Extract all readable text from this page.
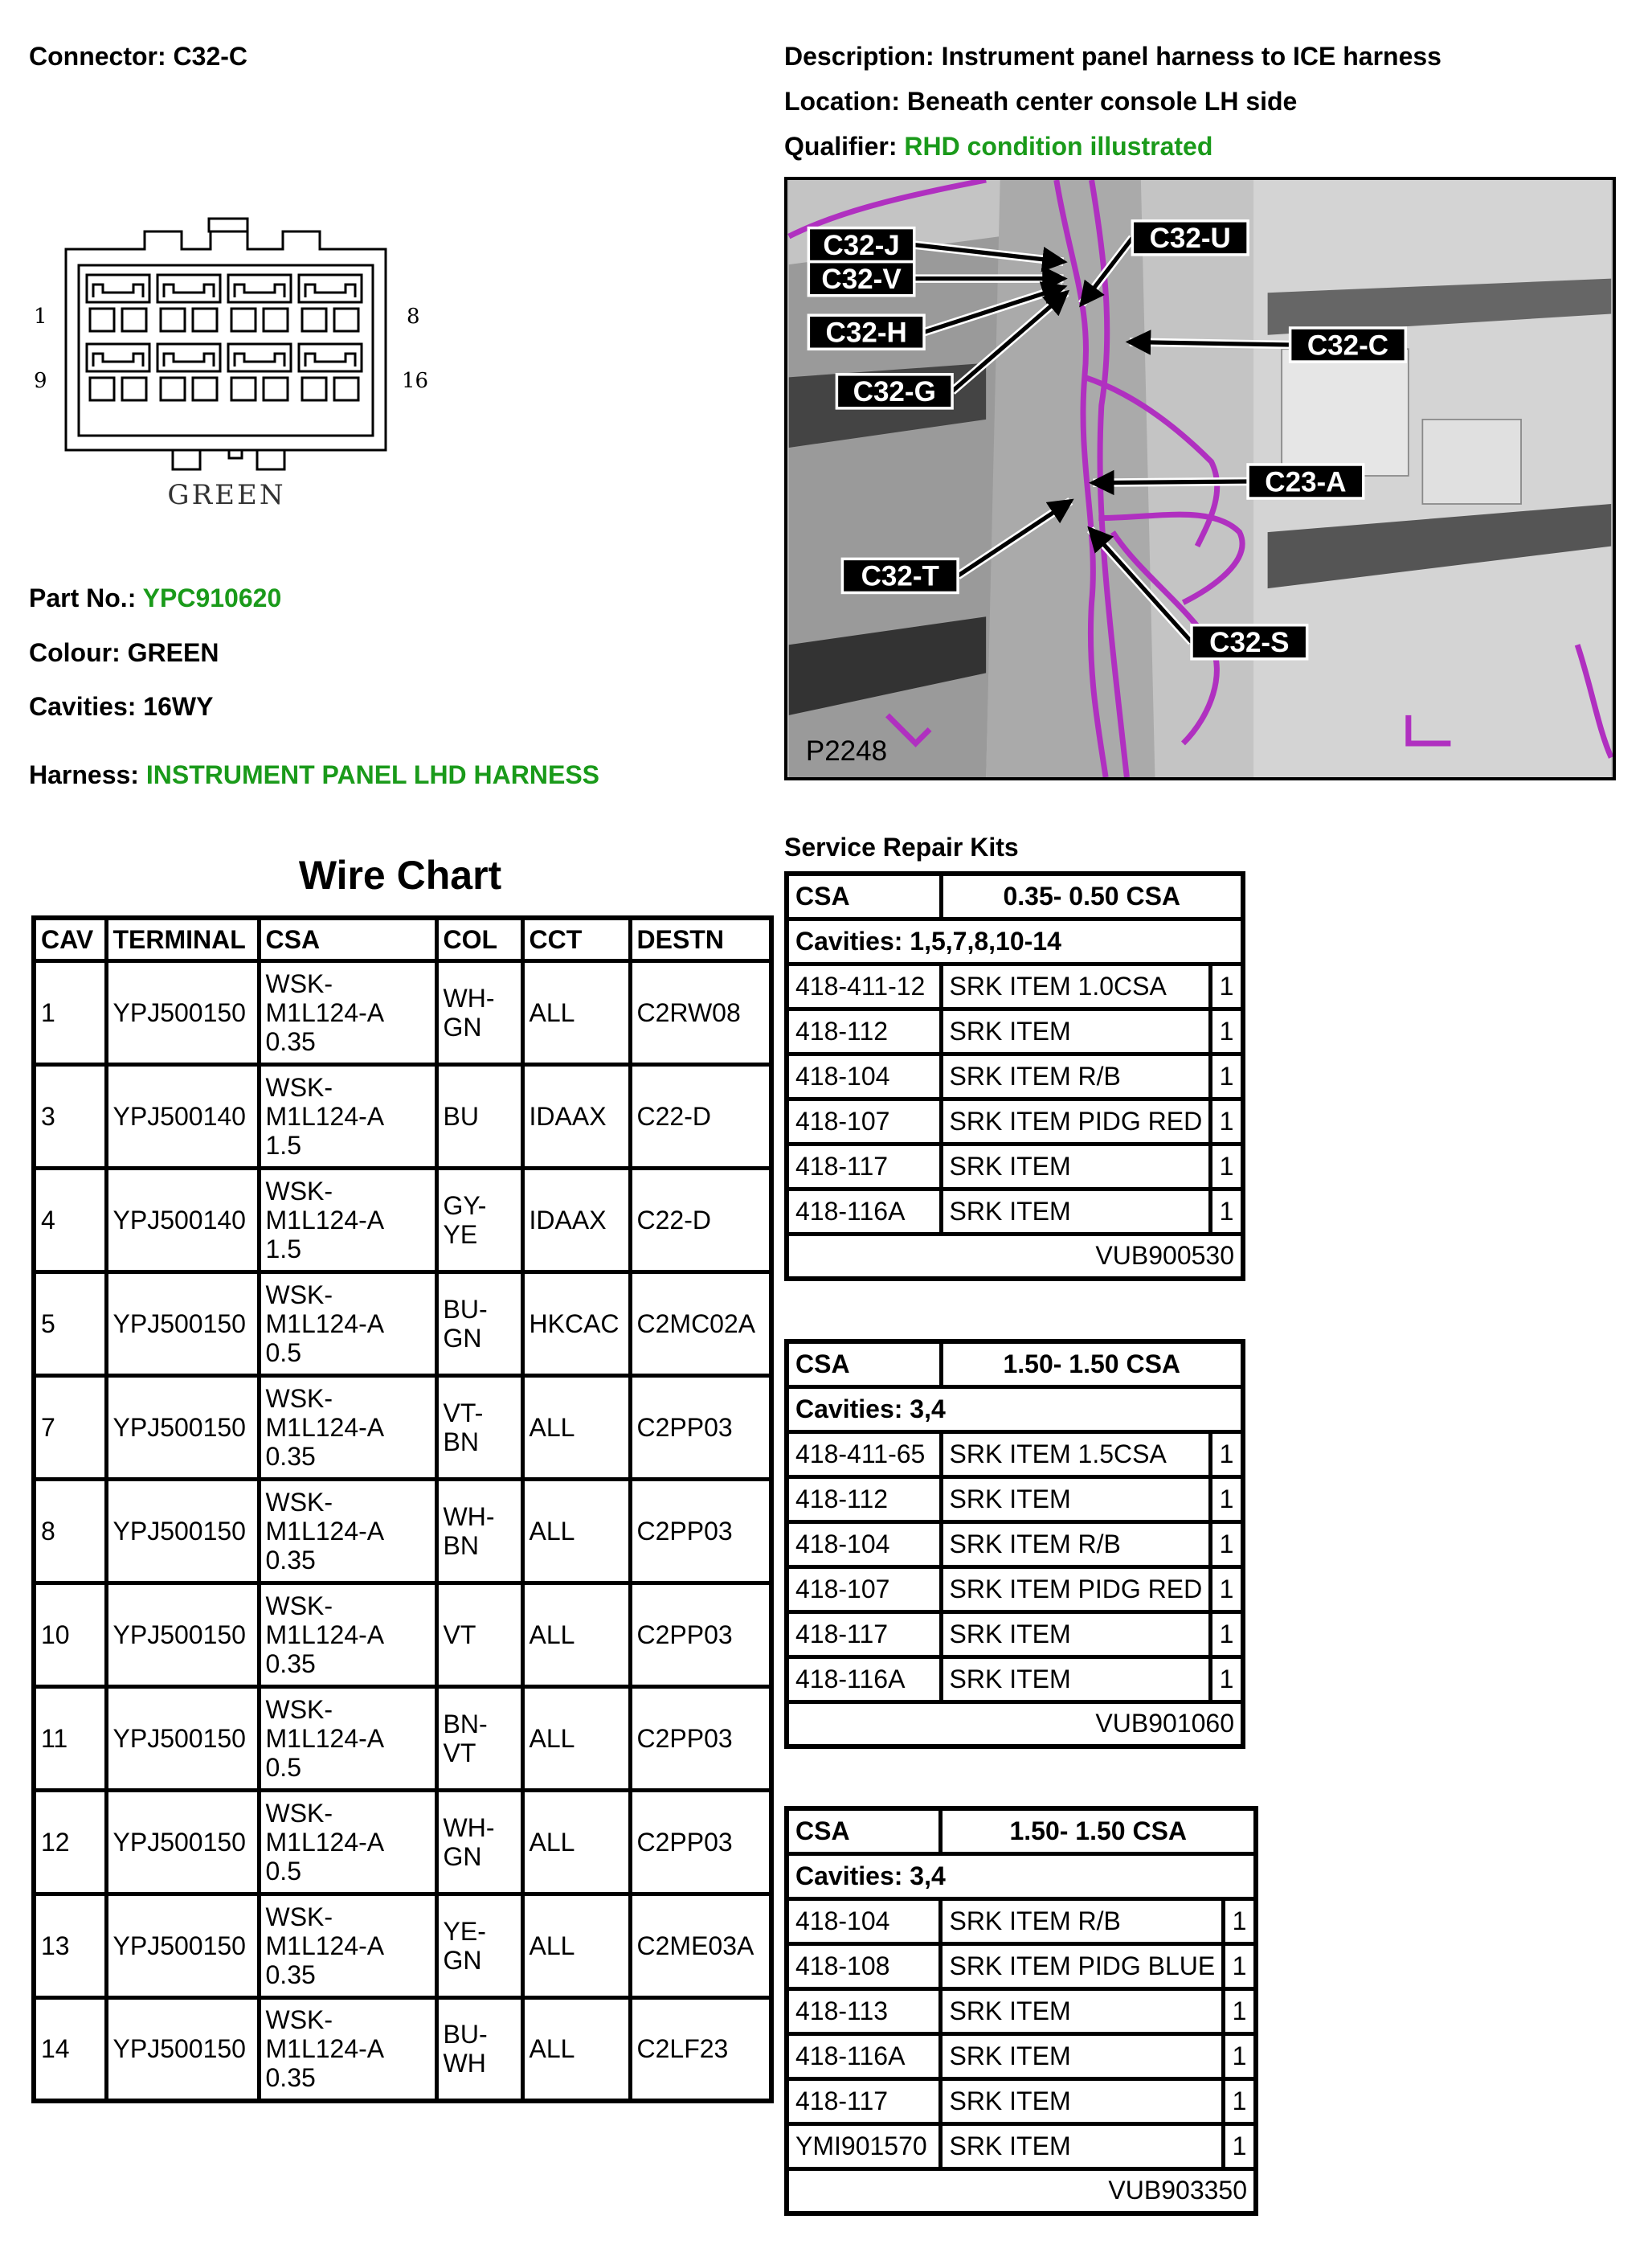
Connector: C32-C	Description: Instrument panel harness to ICE harness
Location: Beneath center console LH side
Qualifier: RHD condition illustrated
1
9
8
16
GREEN
Part No.: YPC910620
Colour: GREEN
Cavities: 16WY
Harness: INSTRUMENT PANEL LHD HARNESS
C32-J
C32-V
C32-U
C32-H	C32-C
C32-G
C23-A
C32-T
C32-S
P2248
Wire Chart
CAV	TERMINAL	CSA	COL	CCT	DESTN
1	YPJ500150	WSK-
M1L124-A
0.35	WH-
GN	ALL	C2RW08
3	YPJ500140	WSK-
M1L124-A
1.5	BU	IDAAX	C22-D
4	YPJ500140	WSK-
M1L124-A
1.5	GY-
YE	IDAAX	C22-D
5	YPJ500150	WSK-
M1L124-A
0.5	BU-
GN	HKCAC	C2MC02A
7	YPJ500150	WSK-
M1L124-A
0.35	VT-
BN	ALL	C2PP03
8	YPJ500150	WSK-
M1L124-A
0.35	WH-
BN	ALL	C2PP03
10	YPJ500150	WSK-
M1L124-A
0.35	VT	ALL	C2PP03
11	YPJ500150	WSK-
M1L124-A
0.5	BN-
VT	ALL	C2PP03
12	YPJ500150	WSK-
M1L124-A
0.5	WH-
GN	ALL	C2PP03
13	YPJ500150	WSK-
M1L124-A
0.35	YE-
GN	ALL	C2ME03A
14	YPJ500150	WSK-
M1L124-A
0.35	BU-
WH	ALL	C2LF23
Service Repair Kits
CSA	0.35- 0.50 CSA	
Cavities: 1,5,7,8,10-14		
418-411-12	SRK ITEM 1.0CSA	1
418-112	SRK ITEM	1
418-104	SRK ITEM R/B	1
418-107	SRK ITEM PIDG RED	1
418-117	SRK ITEM	1
418-116A	SRK ITEM	1
VUB900530		
CSA	1.50- 1.50 CSA	
Cavities: 3,4		
418-411-65	SRK ITEM 1.5CSA	1
418-112	SRK ITEM	1
418-104	SRK ITEM R/B	1
418-107	SRK ITEM PIDG RED	1
418-117	SRK ITEM	1
418-116A	SRK ITEM	1
VUB901060		
CSA	1.50- 1.50 CSA	
Cavities: 3,4		
418-104	SRK ITEM R/B	1
418-108	SRK ITEM PIDG BLUE	1
418-113	SRK ITEM	1
418-116A	SRK ITEM	1
418-117	SRK ITEM	1
YMI901570	SRK ITEM	1
VUB903350		
